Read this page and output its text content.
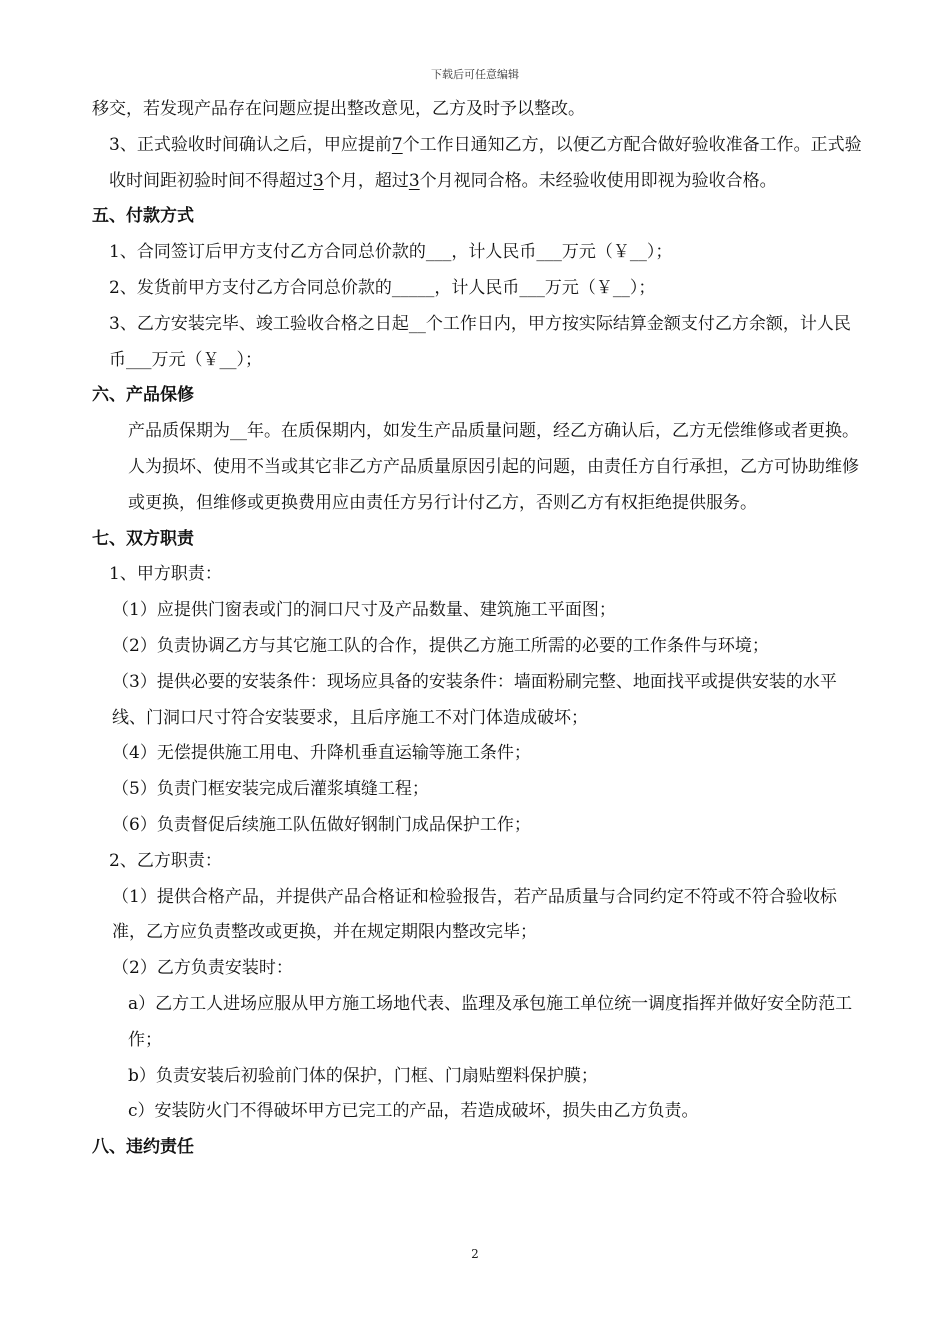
下载后可任意编辑

移交，若发现产品存在问题应提出整改意见，乙方及时予以整改。

3、正式验收时间确认之后，甲应提前7个工作日通知乙方，以便乙方配合做好验收准备工作。正式验收时间距初验时间不得超过3个月，超过3个月视同合格。未经验收使用即视为验收合格。

五、付款方式

1、合同签订后甲方支付乙方合同总价款的___，计人民币___万元（￥__）；

2、发货前甲方支付乙方合同总价款的_____，计人民币___万元（￥__）；

3、乙方安装完毕、竣工验收合格之日起__个工作日内，甲方按实际结算金额支付乙方余额，计人民币___万元（￥__）；

六、产品保修

产品质保期为__年。在质保期内，如发生产品质量问题，经乙方确认后，乙方无偿维修或者更换。人为损坏、使用不当或其它非乙方产品质量原因引起的问题，由责任方自行承担，乙方可协助维修或更换，但维修或更换费用应由责任方另行计付乙方，否则乙方有权拒绝提供服务。

七、双方职责

1、甲方职责：

（1）应提供门窗表或门的洞口尺寸及产品数量、建筑施工平面图；

（2）负责协调乙方与其它施工队的合作，提供乙方施工所需的必要的工作条件与环境；

（3）提供必要的安装条件：现场应具备的安装条件：墙面粉刷完整、地面找平或提供安装的水平线、门洞口尺寸符合安装要求，且后序施工不对门体造成破坏；

（4）无偿提供施工用电、升降机垂直运输等施工条件；

（5）负责门框安装完成后灌浆填缝工程；

（6）负责督促后续施工队伍做好钢制门成品保护工作；

2、乙方职责：

（1）提供合格产品，并提供产品合格证和检验报告，若产品质量与合同约定不符或不符合验收标准，乙方应负责整改或更换，并在规定期限内整改完毕；

（2）乙方负责安装时：

a）乙方工人进场应服从甲方施工场地代表、监理及承包施工单位统一调度指挥并做好安全防范工作；

b）负责安装后初验前门体的保护，门框、门扇贴塑料保护膜；

c）安装防火门不得破坏甲方已完工的产品，若造成破坏，损失由乙方负责。

八、违约责任

2
